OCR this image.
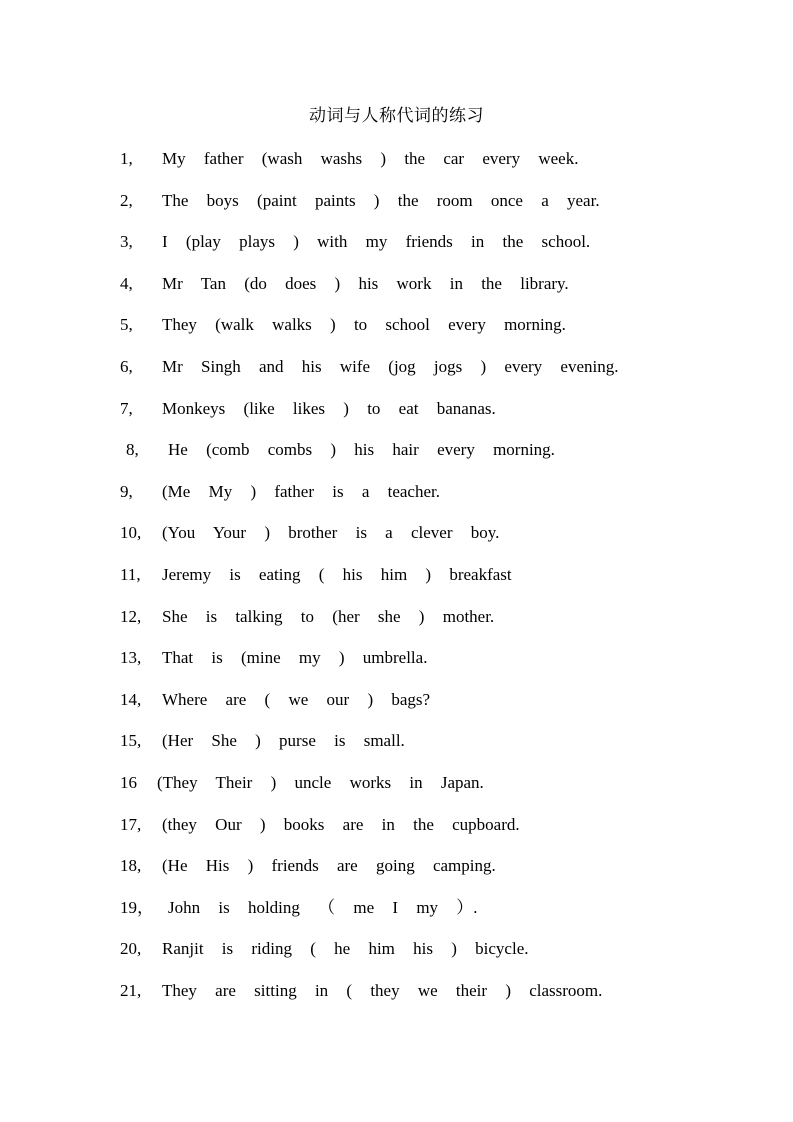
动词与人称代词的练习
1, My father (wash washs ) the car every week.
2, The boys (paint paints ) the room once a year.
3, I (play plays ) with my friends in the school.
4, Mr Tan (do does ) his work in the library.
5, They (walk walks ) to school every morning.
6, Mr Singh and his wife (jog jogs ) every evening.
7, Monkeys (like likes ) to eat bananas.
8, He (comb combs ) his hair every morning.
9, (Me My ) father is a teacher.
10, (You Your ) brother is a clever boy.
11, Jeremy is eating ( his him ) breakfast
12, She is talking to (her she ) mother.
13, That is (mine my ) umbrella.
14, Where are ( we our ) bags?
15, (Her She ) purse is small.
16 (They Their ) uncle works in Japan.
17, (they Our ) books are in the cupboard.
18, (He His ) friends are going camping.
19， John is holding （ me I my ）.
20, Ranjit is riding ( he him his ) bicycle.
21, They are sitting in ( they we their ) classroom.
